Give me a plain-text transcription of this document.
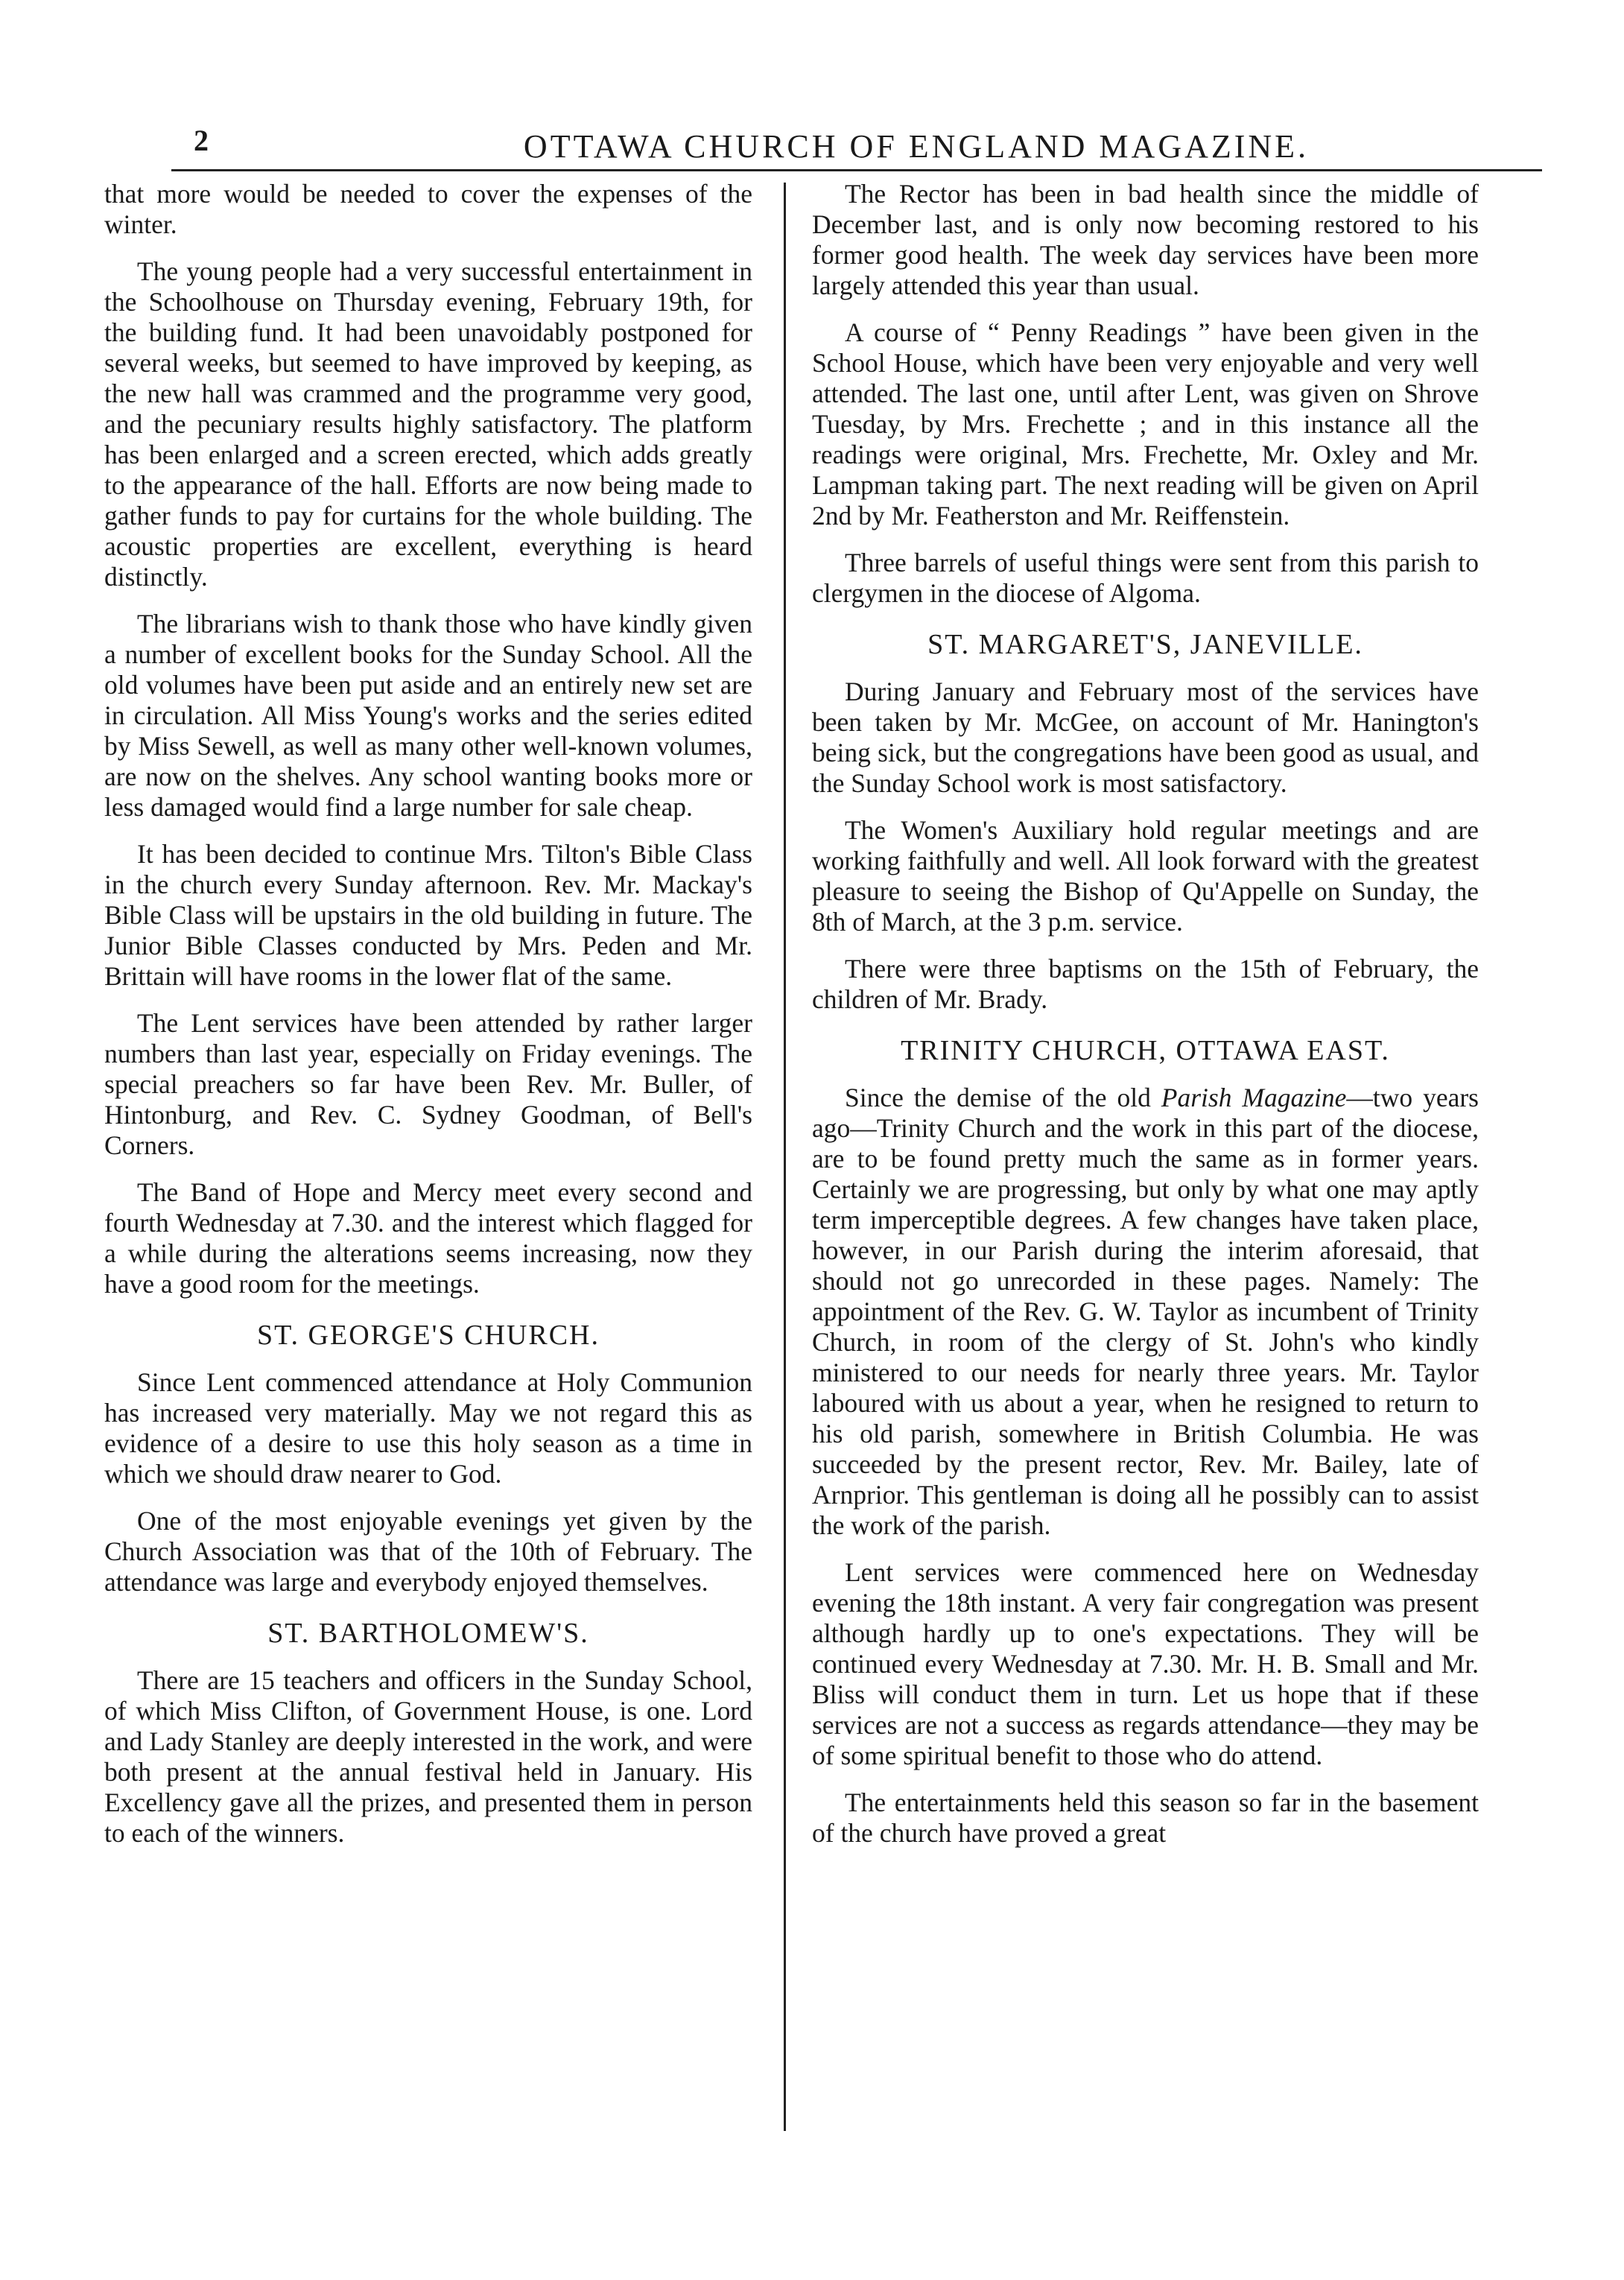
2	OTTAWA CHURCH OF ENGLAND MAGAZINE.

that more would be needed to cover the expenses of the winter.

The young people had a very successful entertainment in the Schoolhouse on Thursday evening, February 19th, for the building fund. It had been unavoidably postponed for several weeks, but seemed to have improved by keeping, as the new hall was crammed and the programme very good, and the pecuniary results highly satisfactory. The platform has been enlarged and a screen erected, which adds greatly to the appearance of the hall. Efforts are now being made to gather funds to pay for curtains for the whole building. The acoustic properties are excellent, everything is heard distinctly.

The librarians wish to thank those who have kindly given a number of excellent books for the Sunday School. All the old volumes have been put aside and an entirely new set are in circulation. All Miss Young's works and the series edited by Miss Sewell, as well as many other well-known volumes, are now on the shelves. Any school wanting books more or less damaged would find a large number for sale cheap.

It has been decided to continue Mrs. Tilton's Bible Class in the church every Sunday afternoon. Rev. Mr. Mackay's Bible Class will be upstairs in the old building in future. The Junior Bible Classes conducted by Mrs. Peden and Mr. Brittain will have rooms in the lower flat of the same.

The Lent services have been attended by rather larger numbers than last year, especially on Friday evenings. The special preachers so far have been Rev. Mr. Buller, of Hintonburg, and Rev. C. Sydney Goodman, of Bell's Corners.

The Band of Hope and Mercy meet every second and fourth Wednesday at 7.30. and the interest which flagged for a while during the alterations seems increasing, now they have a good room for the meetings.

ST. GEORGE'S CHURCH.

Since Lent commenced attendance at Holy Communion has increased very materially. May we not regard this as evidence of a desire to use this holy season as a time in which we should draw nearer to God.

One of the most enjoyable evenings yet given by the Church Association was that of the 10th of February. The attendance was large and everybody enjoyed themselves.

ST. BARTHOLOMEW'S.

There are 15 teachers and officers in the Sunday School, of which Miss Clifton, of Government House, is one. Lord and Lady Stanley are deeply interested in the work, and were both present at the annual festival held in January. His Excellency gave all the prizes, and presented them in person to each of the winners.

The Rector has been in bad health since the middle of December last, and is only now becoming restored to his former good health. The week day services have been more largely attended this year than usual.

A course of “ Penny Readings ” have been given in the School House, which have been very enjoyable and very well attended. The last one, until after Lent, was given on Shrove Tuesday, by Mrs. Frechette ; and in this instance all the readings were original, Mrs. Frechette, Mr. Oxley and Mr. Lampman taking part. The next reading will be given on April 2nd by Mr. Featherston and Mr. Reiffenstein.

Three barrels of useful things were sent from this parish to clergymen in the diocese of Algoma.

ST. MARGARET'S, JANEVILLE.

During January and February most of the services have been taken by Mr. McGee, on account of Mr. Hanington's being sick, but the congregations have been good as usual, and the Sunday School work is most satisfactory.

The Women's Auxiliary hold regular meetings and are working faithfully and well. All look forward with the greatest pleasure to seeing the Bishop of Qu'Appelle on Sunday, the 8th of March, at the 3 p.m. service.

There were three baptisms on the 15th of February, the children of Mr. Brady.

TRINITY CHURCH, OTTAWA EAST.

Since the demise of the old Parish Magazine—two years ago—Trinity Church and the work in this part of the diocese, are to be found pretty much the same as in former years. Certainly we are progressing, but only by what one may aptly term imperceptible degrees. A few changes have taken place, however, in our Parish during the interim aforesaid, that should not go unrecorded in these pages. Namely: The appointment of the Rev. G. W. Taylor as incumbent of Trinity Church, in room of the clergy of St. John's who kindly ministered to our needs for nearly three years. Mr. Taylor laboured with us about a year, when he resigned to return to his old parish, somewhere in British Columbia. He was succeeded by the present rector, Rev. Mr. Bailey, late of Arnprior. This gentleman is doing all he possibly can to assist the work of the parish.

Lent services were commenced here on Wednesday evening the 18th instant. A very fair congregation was present although hardly up to one's expectations. They will be continued every Wednesday at 7.30. Mr. H. B. Small and Mr. Bliss will conduct them in turn. Let us hope that if these services are not a success as regards attendance—they may be of some spiritual benefit to those who do attend.

The entertainments held this season so far in the basement of the church have proved a great
